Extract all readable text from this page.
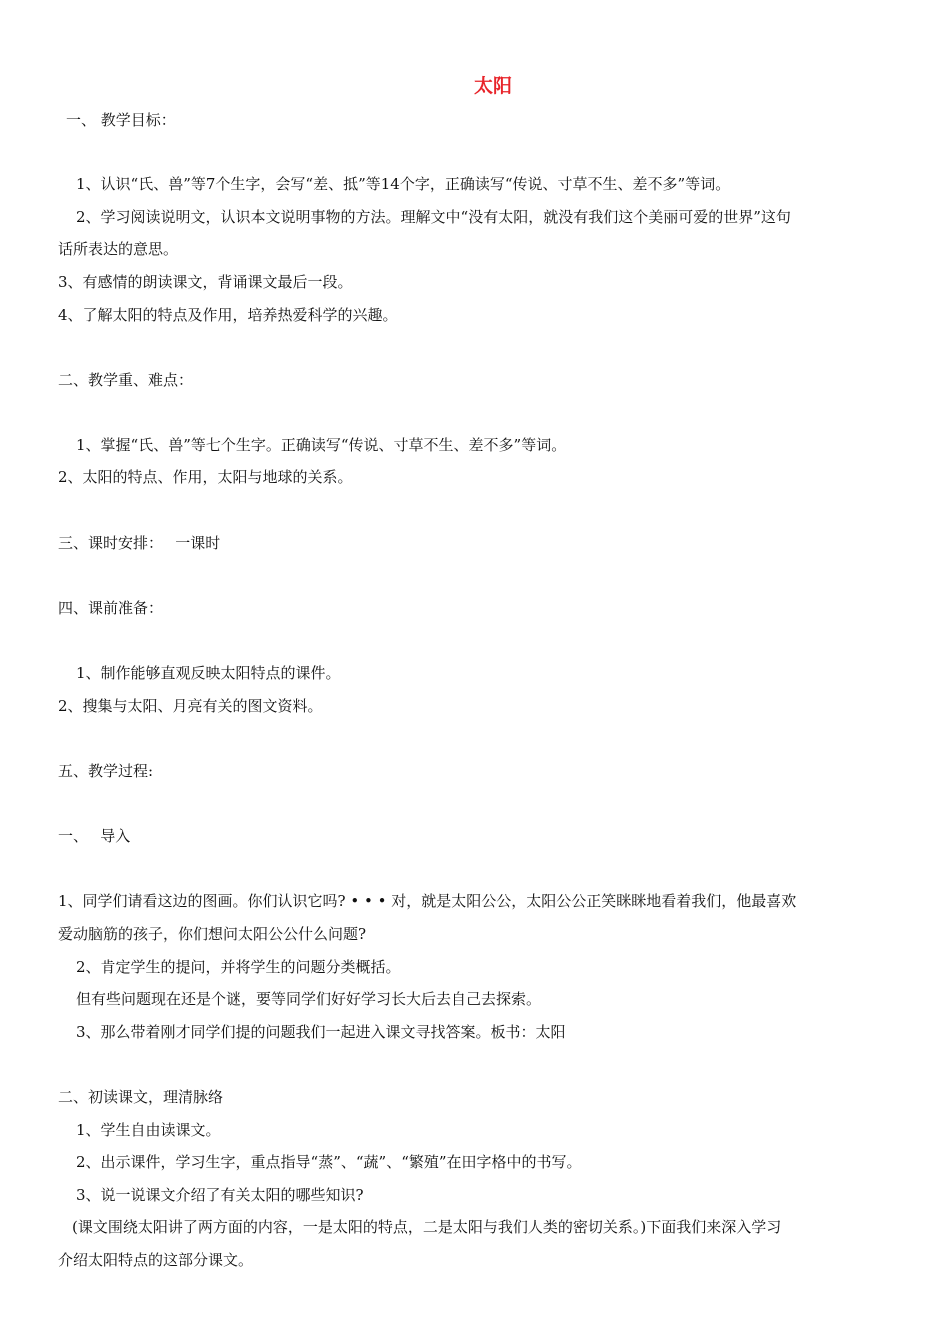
太阳
一、 教学目标：
1、认识“氏、兽”等7个生字，会写“差、抵”等14个字，正确读写“传说、寸草不生、差不多”等词。
2、学习阅读说明文，认识本文说明事物的方法。理解文中“没有太阳，就没有我们这个美丽可爱的世界”这句
话所表达的意思。
3、有感情的朗读课文，背诵课文最后一段。
4、了解太阳的特点及作用，培养热爱科学的兴趣。
二、教学重、难点：
1、掌握“氏、兽”等七个生字。正确读写“传说、寸草不生、差不多”等词。
2、太阳的特点、作用，太阳与地球的关系。
三、课时安排：　 一课时
四、课前准备：
1、制作能够直观反映太阳特点的课件。
2、搜集与太阳、月亮有关的图文资料。
五、教学过程:
一、　 导入
1、同学们请看这边的图画。你们认识它吗? • • • 对，就是太阳公公，太阳公公正笑眯眯地看着我们，他最喜欢
爱动脑筋的孩子，你们想问太阳公公什么问题?
2、肯定学生的提问，并将学生的问题分类概括。
但有些问题现在还是个谜，要等同学们好好学习长大后去自己去探索。
3、那么带着刚才同学们提的问题我们一起进入课文寻找答案。板书：太阳
二、初读课文，理清脉络
1、学生自由读课文。
2、出示课件，学习生字，重点指导“蒸”、“蔬”、“繁殖”在田字格中的书写。
3、说一说课文介绍了有关太阳的哪些知识?
(课文围绕太阳讲了两方面的内容，一是太阳的特点，二是太阳与我们人类的密切关系。)下面我们来深入学习
介绍太阳特点的这部分课文。
